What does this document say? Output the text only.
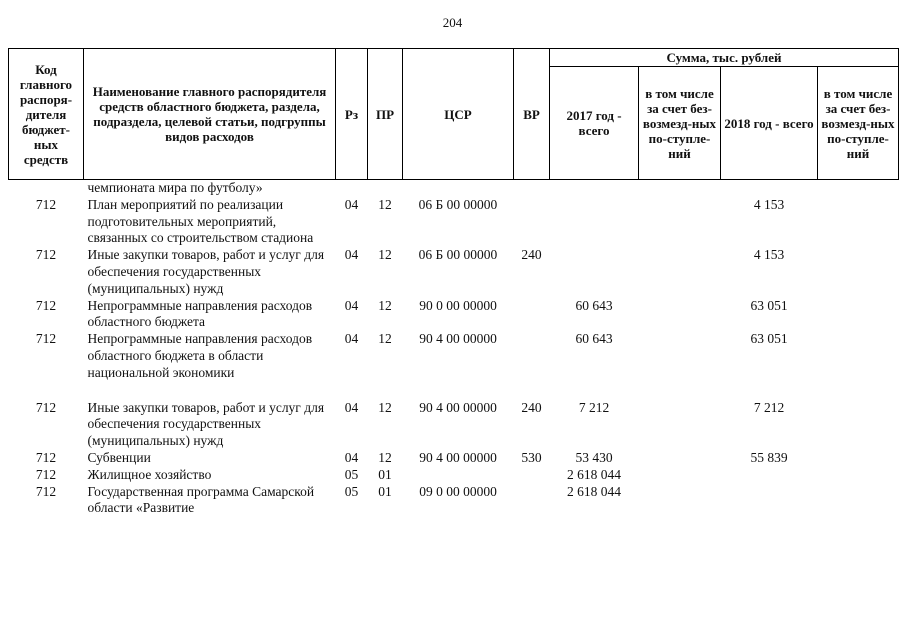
204
Код главного распоря-дителя бюджет-ных средств	Наименование главного распорядителя средств областного бюджета, раздела, подраздела, целевой статьи, подгруппы видов расходов	Рз	ПР	ЦСР	ВР	Сумма, тыс. рублей			
						2017 год - всего	в том числе за счет без-возмезд-ных по-ступле-ний	2018 год - всего	в том числе за счет без-возмезд-ных по-ступле-ний
	чемпионата мира по футболу»								
712	План мероприятий по реализации подготовительных мероприятий, связанных со строительством стадиона	04	12	06 Б 00 00000				4 153	
712	Иные закупки товаров, работ и услуг для обеспечения государственных (муниципальных) нужд	04	12	06 Б 00 00000	240			4 153	
712	Непрограммные направления расходов областного бюджета	04	12	90 0 00 00000		60 643		63 051	
712	Непрограммные направления расходов областного бюджета в области национальной экономики	04	12	90 4 00 00000		60 643		63 051	

712	Иные закупки товаров, работ и услуг для обеспечения государственных (муниципальных) нужд	04	12	90 4 00 00000	240	7 212		7 212	
712	Субвенции	04	12	90 4 00 00000	530	53 430		55 839	
712	Жилищное хозяйство	05	01			2 618 044			
712	Государственная программа Самарской области «Развитие	05	01	09 0 00 00000		2 618 044			
